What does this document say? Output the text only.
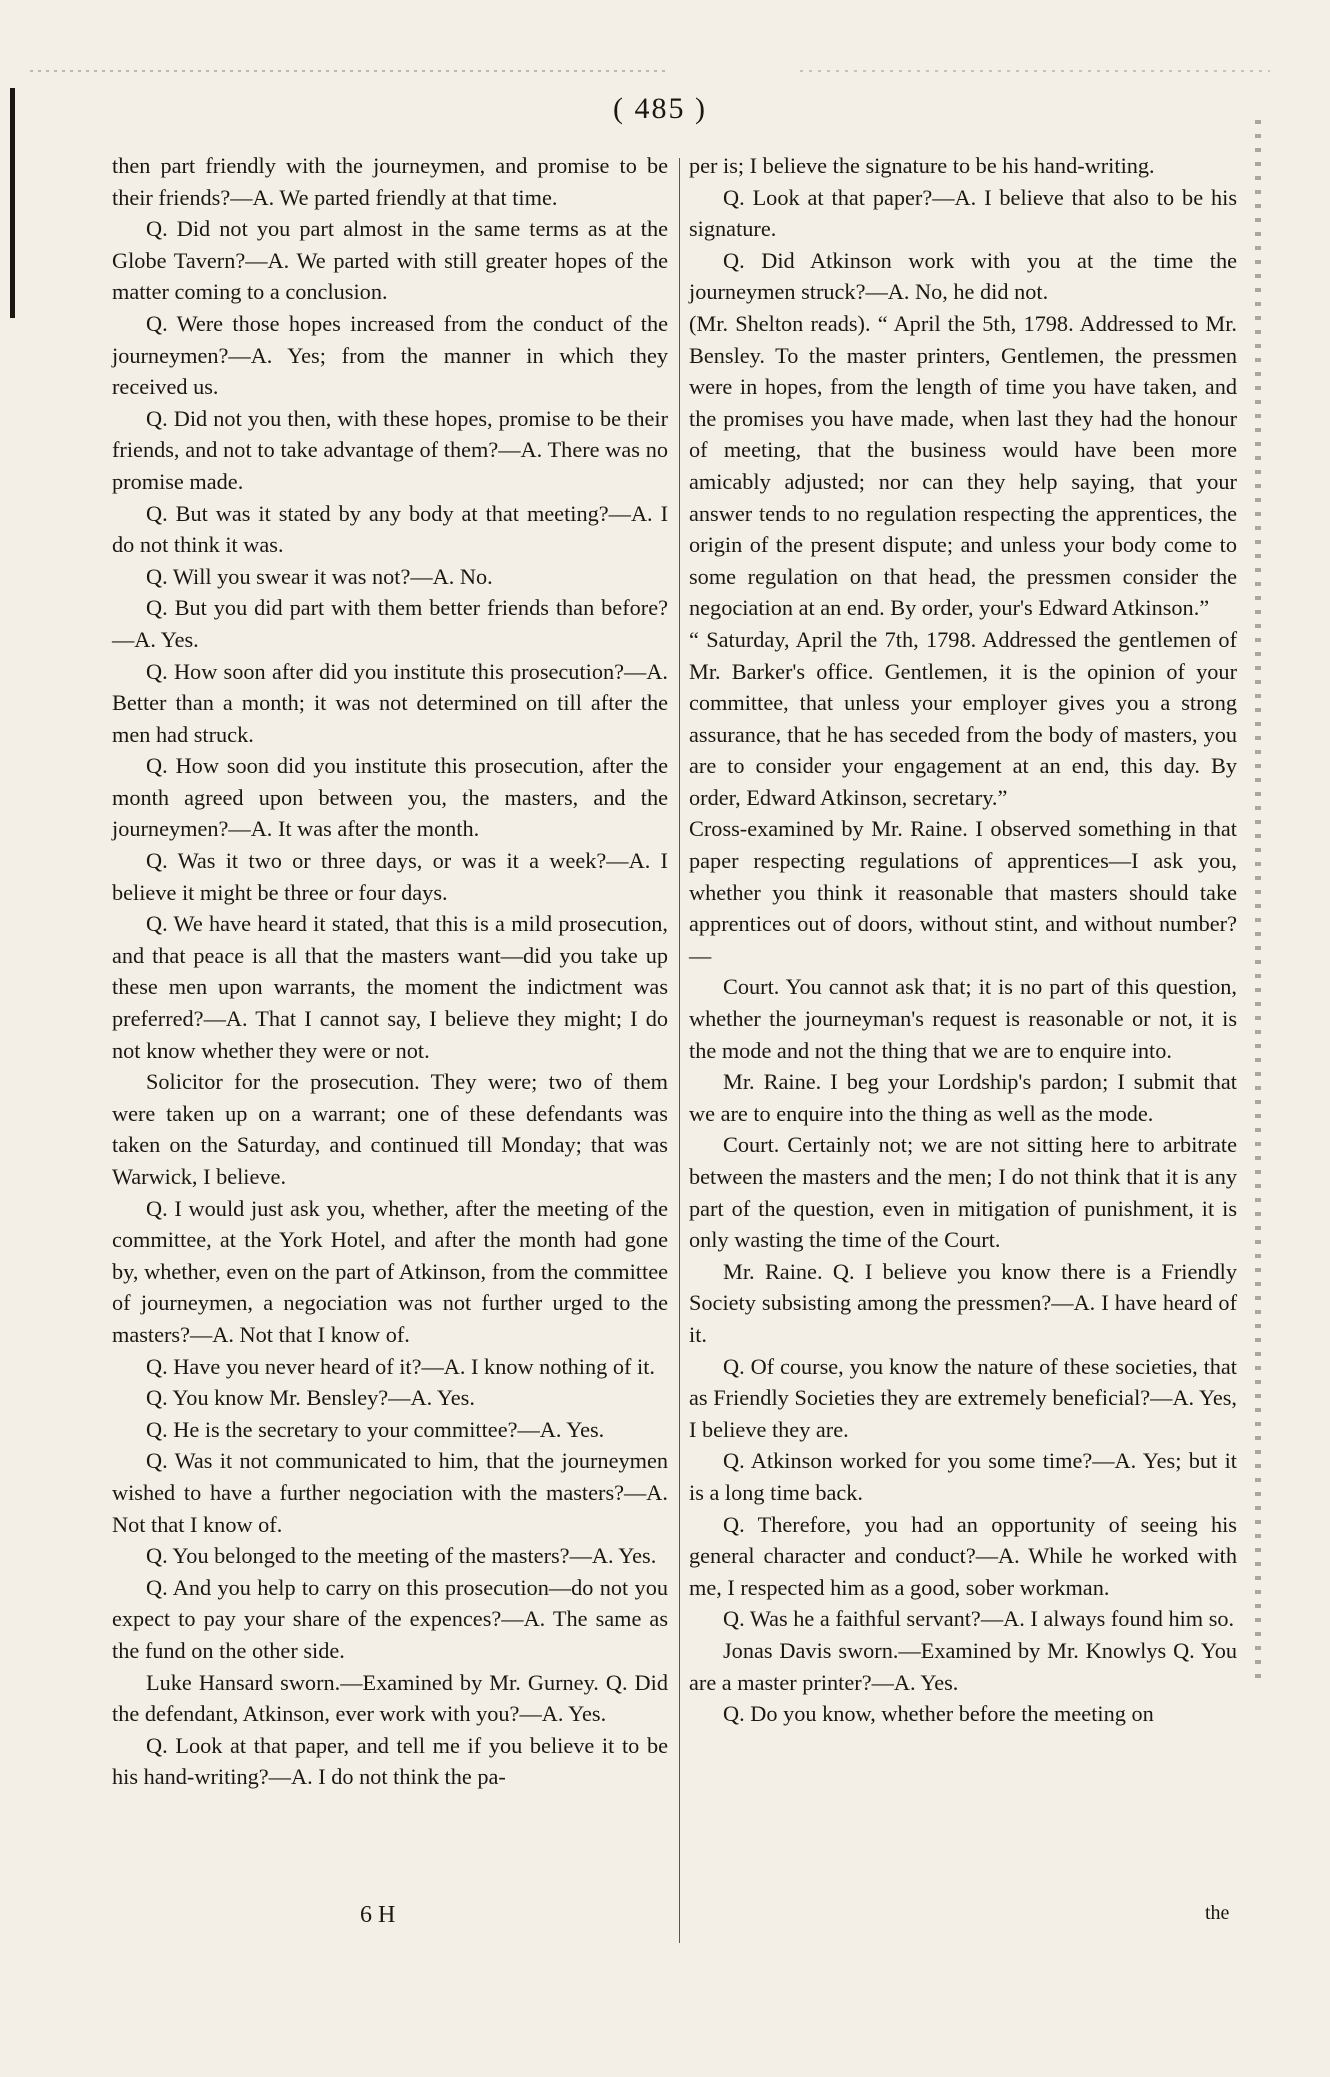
( 485 )

then part friendly with the journeymen, and promise to be their friends?—A. We parted friendly at that time.

Q. Did not you part almost in the same terms as at the Globe Tavern?—A. We parted with still greater hopes of the matter coming to a conclusion.

Q. Were those hopes increased from the conduct of the journeymen?—A. Yes; from the manner in which they received us.

Q. Did not you then, with these hopes, promise to be their friends, and not to take advantage of them?—A. There was no promise made.

Q. But was it stated by any body at that meeting?—A. I do not think it was.

Q. Will you swear it was not?—A. No.

Q. But you did part with them better friends than before?—A. Yes.

Q. How soon after did you institute this prosecution?—A. Better than a month; it was not determined on till after the men had struck.

Q. How soon did you institute this prosecution, after the month agreed upon between you, the masters, and the journeymen?—A. It was after the month.

Q. Was it two or three days, or was it a week?—A. I believe it might be three or four days.

Q. We have heard it stated, that this is a mild prosecution, and that peace is all that the masters want—did you take up these men upon warrants, the moment the indictment was preferred?—A. That I cannot say, I believe they might; I do not know whether they were or not.

Solicitor for the prosecution. They were; two of them were taken up on a warrant; one of these defendants was taken on the Saturday, and continued till Monday; that was Warwick, I believe.

Q. I would just ask you, whether, after the meeting of the committee, at the York Hotel, and after the month had gone by, whether, even on the part of Atkinson, from the committee of journeymen, a negociation was not further urged to the masters?—A. Not that I know of.

Q. Have you never heard of it?—A. I know nothing of it.

Q. You know Mr. Bensley?—A. Yes.

Q. He is the secretary to your committee?—A. Yes.

Q. Was it not communicated to him, that the journeymen wished to have a further negociation with the masters?—A. Not that I know of.

Q. You belonged to the meeting of the masters?—A. Yes.

Q. And you help to carry on this prosecution—do not you expect to pay your share of the expences?—A. The same as the fund on the other side.

Luke Hansard sworn.—Examined by Mr. Gurney. Q. Did the defendant, Atkinson, ever work with you?—A. Yes.

Q. Look at that paper, and tell me if you believe it to be his hand-writing?—A. I do not think the pa-

per is; I believe the signature to be his hand-writing.

Q. Look at that paper?—A. I believe that also to be his signature.

Q. Did Atkinson work with you at the time the journeymen struck?—A. No, he did not.

(Mr. Shelton reads). “ April the 5th, 1798. Addressed to Mr. Bensley. To the master printers, Gentlemen, the pressmen were in hopes, from the length of time you have taken, and the promises you have made, when last they had the honour of meeting, that the business would have been more amicably adjusted; nor can they help saying, that your answer tends to no regulation respecting the apprentices, the origin of the present dispute; and unless your body come to some regulation on that head, the pressmen consider the negociation at an end. By order, your's Edward Atkinson.”

“ Saturday, April the 7th, 1798. Addressed the gentlemen of Mr. Barker's office. Gentlemen, it is the opinion of your committee, that unless your employer gives you a strong assurance, that he has seceded from the body of masters, you are to consider your engagement at an end, this day. By order, Edward Atkinson, secretary.”

Cross-examined by Mr. Raine. I observed something in that paper respecting regulations of apprentices—I ask you, whether you think it reasonable that masters should take apprentices out of doors, without stint, and without number?—

Court. You cannot ask that; it is no part of this question, whether the journeyman's request is reasonable or not, it is the mode and not the thing that we are to enquire into.

Mr. Raine. I beg your Lordship's pardon; I submit that we are to enquire into the thing as well as the mode.

Court. Certainly not; we are not sitting here to arbitrate between the masters and the men; I do not think that it is any part of the question, even in mitigation of punishment, it is only wasting the time of the Court.

Mr. Raine. Q. I believe you know there is a Friendly Society subsisting among the pressmen?—A. I have heard of it.

Q. Of course, you know the nature of these societies, that as Friendly Societies they are extremely beneficial?—A. Yes, I believe they are.

Q. Atkinson worked for you some time?—A. Yes; but it is a long time back.

Q. Therefore, you had an opportunity of seeing his general character and conduct?—A. While he worked with me, I respected him as a good, sober workman.

Q. Was he a faithful servant?—A. I always found him so.

Jonas Davis sworn.—Examined by Mr. Knowlys Q. You are a master printer?—A. Yes.

Q. Do you know, whether before the meeting on

6 H	the
